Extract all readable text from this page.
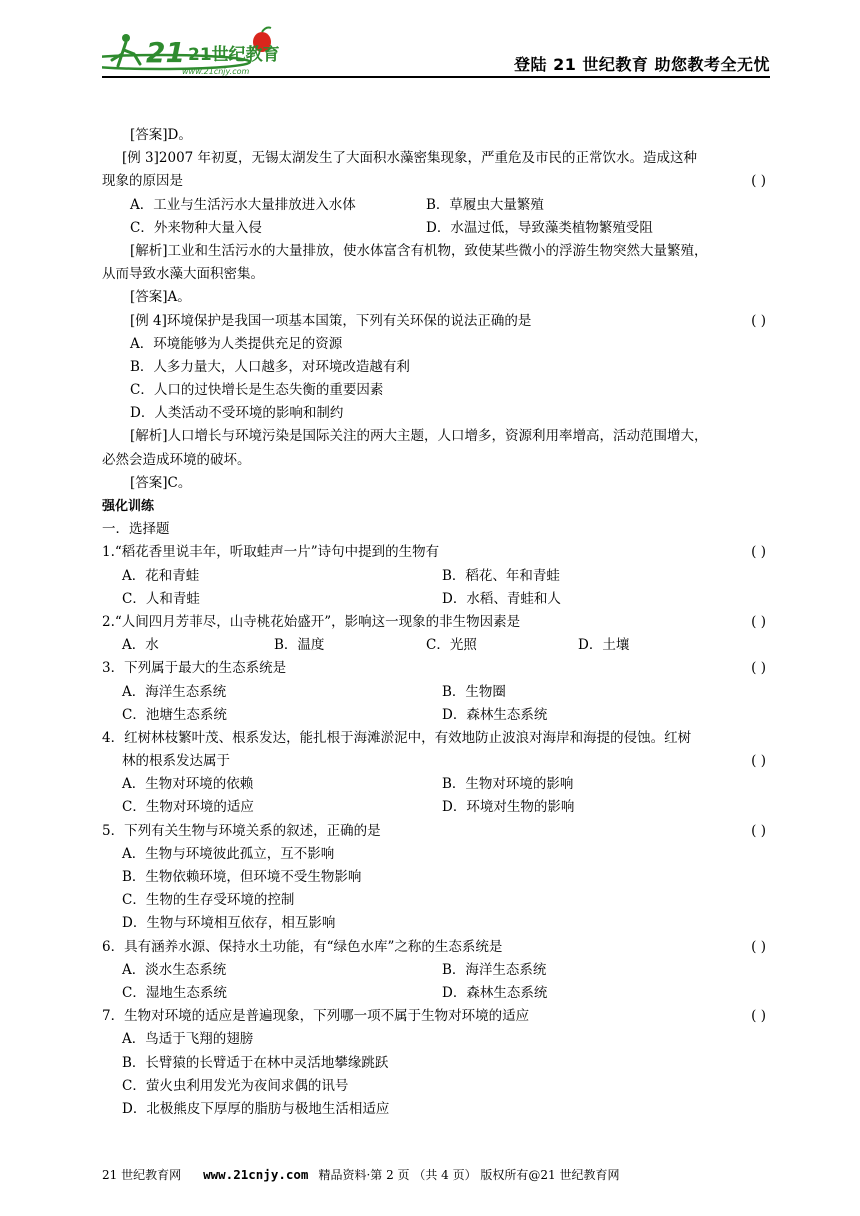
21 21世纪教育
www.21cnjy.com	登陆 21 世纪教育 助您教考全无忧
[答案]D。
[例 3]2007 年初夏，无锡太湖发生了大面积水藻密集现象，严重危及市民的正常饮水。造成这种
现象的原因是	( )
A．工业与生活污水大量排放进入水体	B．草履虫大量繁殖
C．外来物种大量入侵	D．水温过低，导致藻类植物繁殖受阻
[解析]工业和生活污水的大量排放，使水体富含有机物，致使某些微小的浮游生物突然大量繁殖，
从而导致水藻大面积密集。
[答案]A。
[例 4]环境保护是我国一项基本国策，下列有关环保的说法正确的是	( )
A．环境能够为人类提供充足的资源
B．人多力量大，人口越多，对环境改造越有利
C．人口的过快增长是生态失衡的重要因素
D．人类活动不受环境的影响和制约
[解析]人口增长与环境污染是国际关注的两大主题，人口增多，资源利用率增高，活动范围增大，
必然会造成环境的破坏。
[答案]C。
强化训练
一．选择题
1.“稻花香里说丰年，听取蛙声一片”诗句中提到的生物有	( )
A．花和青蛙	B．稻花、年和青蛙
C．人和青蛙	D．水稻、青蛙和人
2.“人间四月芳菲尽，山寺桃花始盛开”，影响这一现象的非生物因素是	( )
A．水	B．温度	C．光照	D．土壤
3．下列属于最大的生态系统是	( )
A．海洋生态系统	B．生物圈
C．池塘生态系统	D．森林生态系统
4．红树林枝繁叶茂、根系发达，能扎根于海滩淤泥中，有效地防止波浪对海岸和海提的侵蚀。红树
林的根系发达属于	( )
A．生物对环境的依赖	B．生物对环境的影响
C．生物对环境的适应	D．环境对生物的影响
5．下列有关生物与环境关系的叙述，正确的是	( )
A．生物与环境彼此孤立，互不影响
B．生物依赖环境，但环境不受生物影响
C．生物的生存受环境的控制
D．生物与环境相互依存，相互影响
6．具有涵养水源、保持水土功能，有“绿色水库”之称的生态系统是	( )
A．淡水生态系统	B．海洋生态系统
C．湿地生态系统	D．森林生态系统
7．生物对环境的适应是普遍现象，下列哪一项不属于生物对环境的适应	( )
A．鸟适于飞翔的翅膀
B．长臂猿的长臂适于在林中灵活地攀缘跳跃
C．萤火虫利用发光为夜间求偶的讯号
D．北极熊皮下厚厚的脂肪与极地生活相适应
21 世纪教育网 www.21cnjy.com 精品资料·第 2 页 （共 4 页） 版权所有@21 世纪教育网
